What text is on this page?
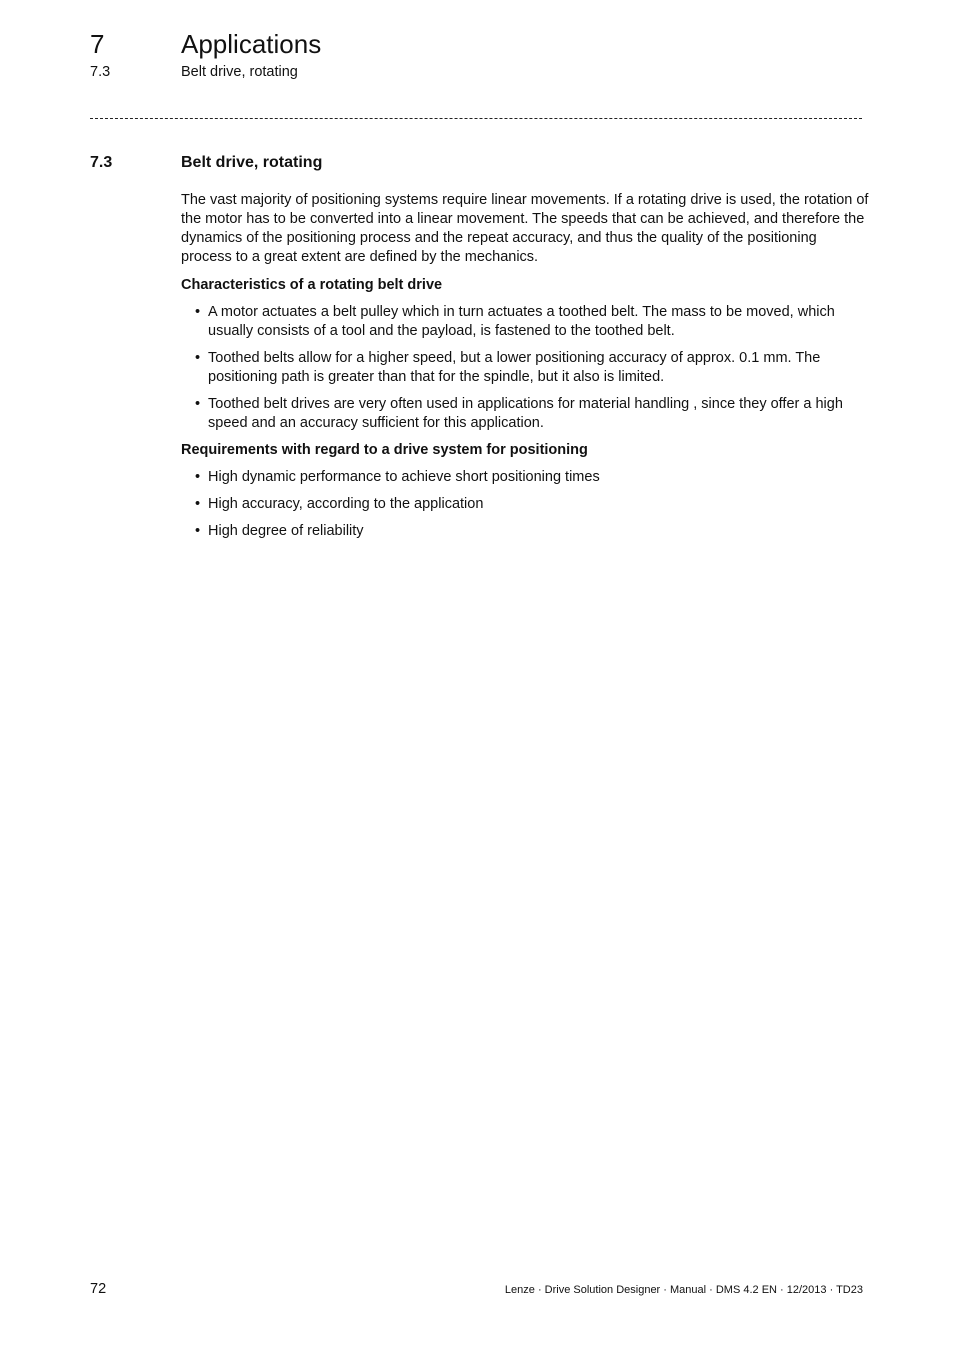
7	Applications
7.3	Belt drive, rotating
7.3	Belt drive, rotating

The vast majority of positioning systems require linear movements. If a rotating drive is used, the rotation of the motor has to be converted into a linear movement. The speeds that can be achieved, and therefore the dynamics of the positioning process and the repeat accuracy, and thus the quality of the positioning process to a great extent are defined by the mechanics.

Characteristics of a rotating belt drive

• A motor actuates a belt pulley which in turn actuates a toothed belt. The mass to be moved, which usually consists of a tool and the payload, is fastened to the toothed belt.
• Toothed belts allow for a higher speed, but a lower positioning accuracy of approx. 0.1 mm. The positioning path is greater than that for the spindle, but it also is limited.
• Toothed belt drives are very often used in applications for material handling , since they offer a high speed and an accuracy sufficient for this application.

Requirements with regard to a drive system for positioning

• High dynamic performance to achieve short positioning times
• High accuracy, according to the application
• High degree of reliability
72	Lenze · Drive Solution Designer · Manual · DMS 4.2 EN · 12/2013 · TD23
